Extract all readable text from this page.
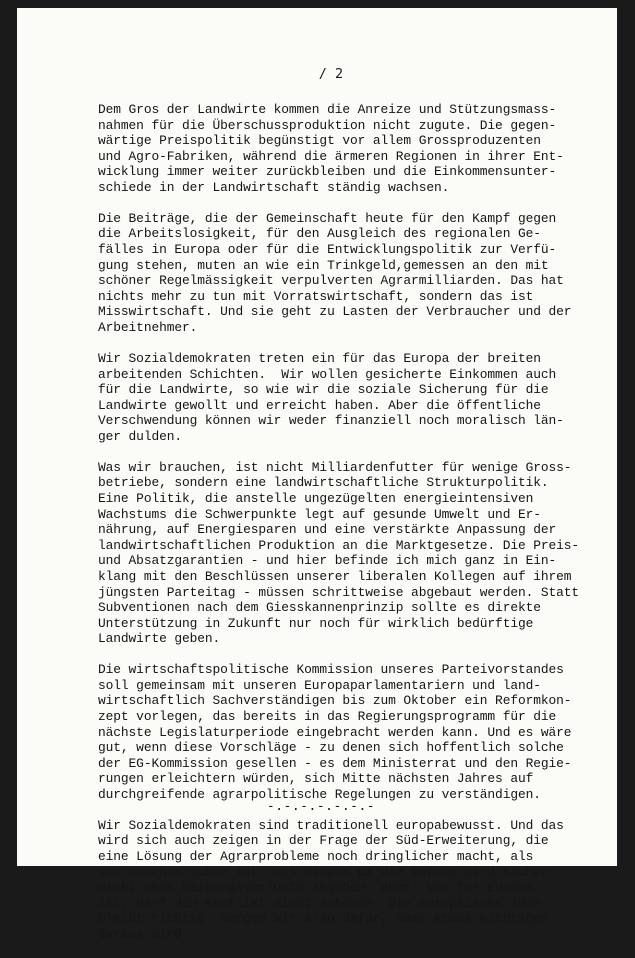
/ 2

Dem Gros der Landwirte kommen die Anreize und Stützungsmass-
nahmen für die Überschussproduktion nicht zugute. Die gegen-
wärtige Preispolitik begünstigt vor allem Grossproduzenten
und Agro-Fabriken, während die ärmeren Regionen in ihrer Ent-
wicklung immer weiter zurückbleiben und die Einkommensunter-
schiede in der Landwirtschaft ständig wachsen.

Die Beiträge, die der Gemeinschaft heute für den Kampf gegen
die Arbeitslosigkeit, für den Ausgleich des regionalen Ge-
fälles in Europa oder für die Entwicklungspolitik zur Verfü-
gung stehen, muten an wie ein Trinkgeld,gemessen an den mit
schöner Regelmässigkeit verpulverten Agrarmilliarden. Das hat
nichts mehr zu tun mit Vorratswirtschaft, sondern das ist
Misswirtschaft. Und sie geht zu Lasten der Verbraucher und der
Arbeitnehmer.

Wir Sozialdemokraten treten ein für das Europa der breiten
arbeitenden Schichten.  Wir wollen gesicherte Einkommen auch
für die Landwirte, so wie wir die soziale Sicherung für die
Landwirte gewollt und erreicht haben. Aber die öffentliche
Verschwendung können wir weder finanziell noch moralisch län-
ger dulden.

Was wir brauchen, ist nicht Milliardenfutter für wenige Gross-
betriebe, sondern eine landwirtschaftliche Strukturpolitik.
Eine Politik, die anstelle ungezügelten energieintensiven
Wachstums die Schwerpunkte legt auf gesunde Umwelt und Er-
nährung, auf Energiesparen und eine verstärkte Anpassung der
landwirtschaftlichen Produktion an die Marktgesetze. Die Preis-
und Absatzgarantien - und hier befinde ich mich ganz in Ein-
klang mit den Beschlüssen unserer liberalen Kollegen auf ihrem
jüngsten Parteitag - müssen schrittweise abgebaut werden. Statt
Subventionen nach dem Giesskannenprinzip sollte es direkte
Unterstützung in Zukunft nur noch für wirklich bedürftige
Landwirte geben.

Die wirtschaftspolitische Kommission unseres Parteivorstandes
soll gemeinsam mit unseren Europaparlamentariern und land-
wirtschaftlich Sachverständigen bis zum Oktober ein Reformkon-
zept vorlegen, das bereits in das Regierungsprogramm für die
nächste Legislaturperiode eingebracht werden kann. Und es wäre
gut, wenn diese Vorschläge - zu denen sich hoffentlich solche
der EG-Kommission gesellen - es dem Ministerrat und den Regie-
rungen erleichtern würden, sich Mitte nächsten Jahres auf
durchgreifende agrarpolitische Regelungen zu verständigen.

Wir Sozialdemokraten sind traditionell europabewusst. Und das
wird sich auch zeigen in der Frage der Süd-Erweiterung, die
eine Lösung der Agrarprobleme noch dringlicher macht, als
sie ohnehin schon ist. Das Ringen um die Reform wird sicher
nicht ohne Reibungsverluste abgehen, aber: Wer für Europa
ist, darf den Konflikt nicht scheuen. Die europäische Idee
bleibt richtig. Sorgen wir also dafür, dass etwas Richtiges
daraus wird.

-.-.-.-.-.-.-
